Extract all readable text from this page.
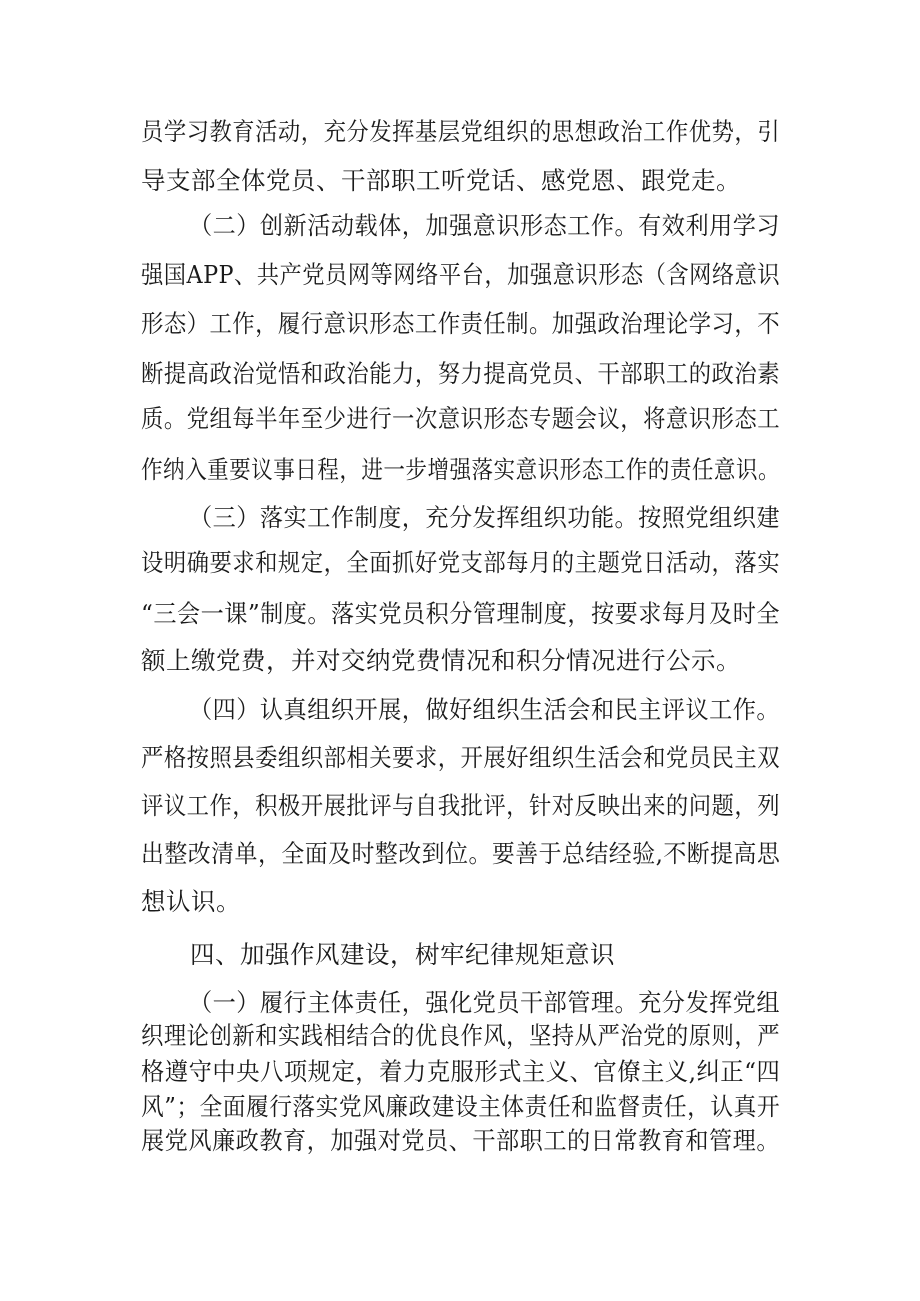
员学习教育活动，充分发挥基层党组织的思想政治工作优势，引
导支部全体党员、干部职工听党话、感党恩、跟党走。
（二）创新活动载体，加强意识形态工作。有效利用学习
强国APP、共产党员网等网络平台，加强意识形态（含网络意识
形态）工作，履行意识形态工作责任制。加强政治理论学习，不
断提高政治觉悟和政治能力，努力提高党员、干部职工的政治素
质。党组每半年至少进行一次意识形态专题会议，将意识形态工
作纳入重要议事日程，进一步增强落实意识形态工作的责任意识。
（三）落实工作制度，充分发挥组织功能。按照党组织建
设明确要求和规定，全面抓好党支部每月的主题党日活动，落实
“三会一课”制度。落实党员积分管理制度，按要求每月及时全
额上缴党费，并对交纳党费情况和积分情况进行公示。
（四）认真组织开展，做好组织生活会和民主评议工作。
严格按照县委组织部相关要求，开展好组织生活会和党员民主双
评议工作，积极开展批评与自我批评，针对反映出来的问题，列
出整改清单，全面及时整改到位。要善于总结经验,不断提高思
想认识。
四、加强作风建设，树牢纪律规矩意识
（一）履行主体责任，强化党员干部管理。充分发挥党组
织理论创新和实践相结合的优良作风，坚持从严治党的原则，严
格遵守中央八项规定，着力克服形式主义、官僚主义,纠正“四
风”；全面履行落实党风廉政建设主体责任和监督责任，认真开
展党风廉政教育，加强对党员、干部职工的日常教育和管理。
